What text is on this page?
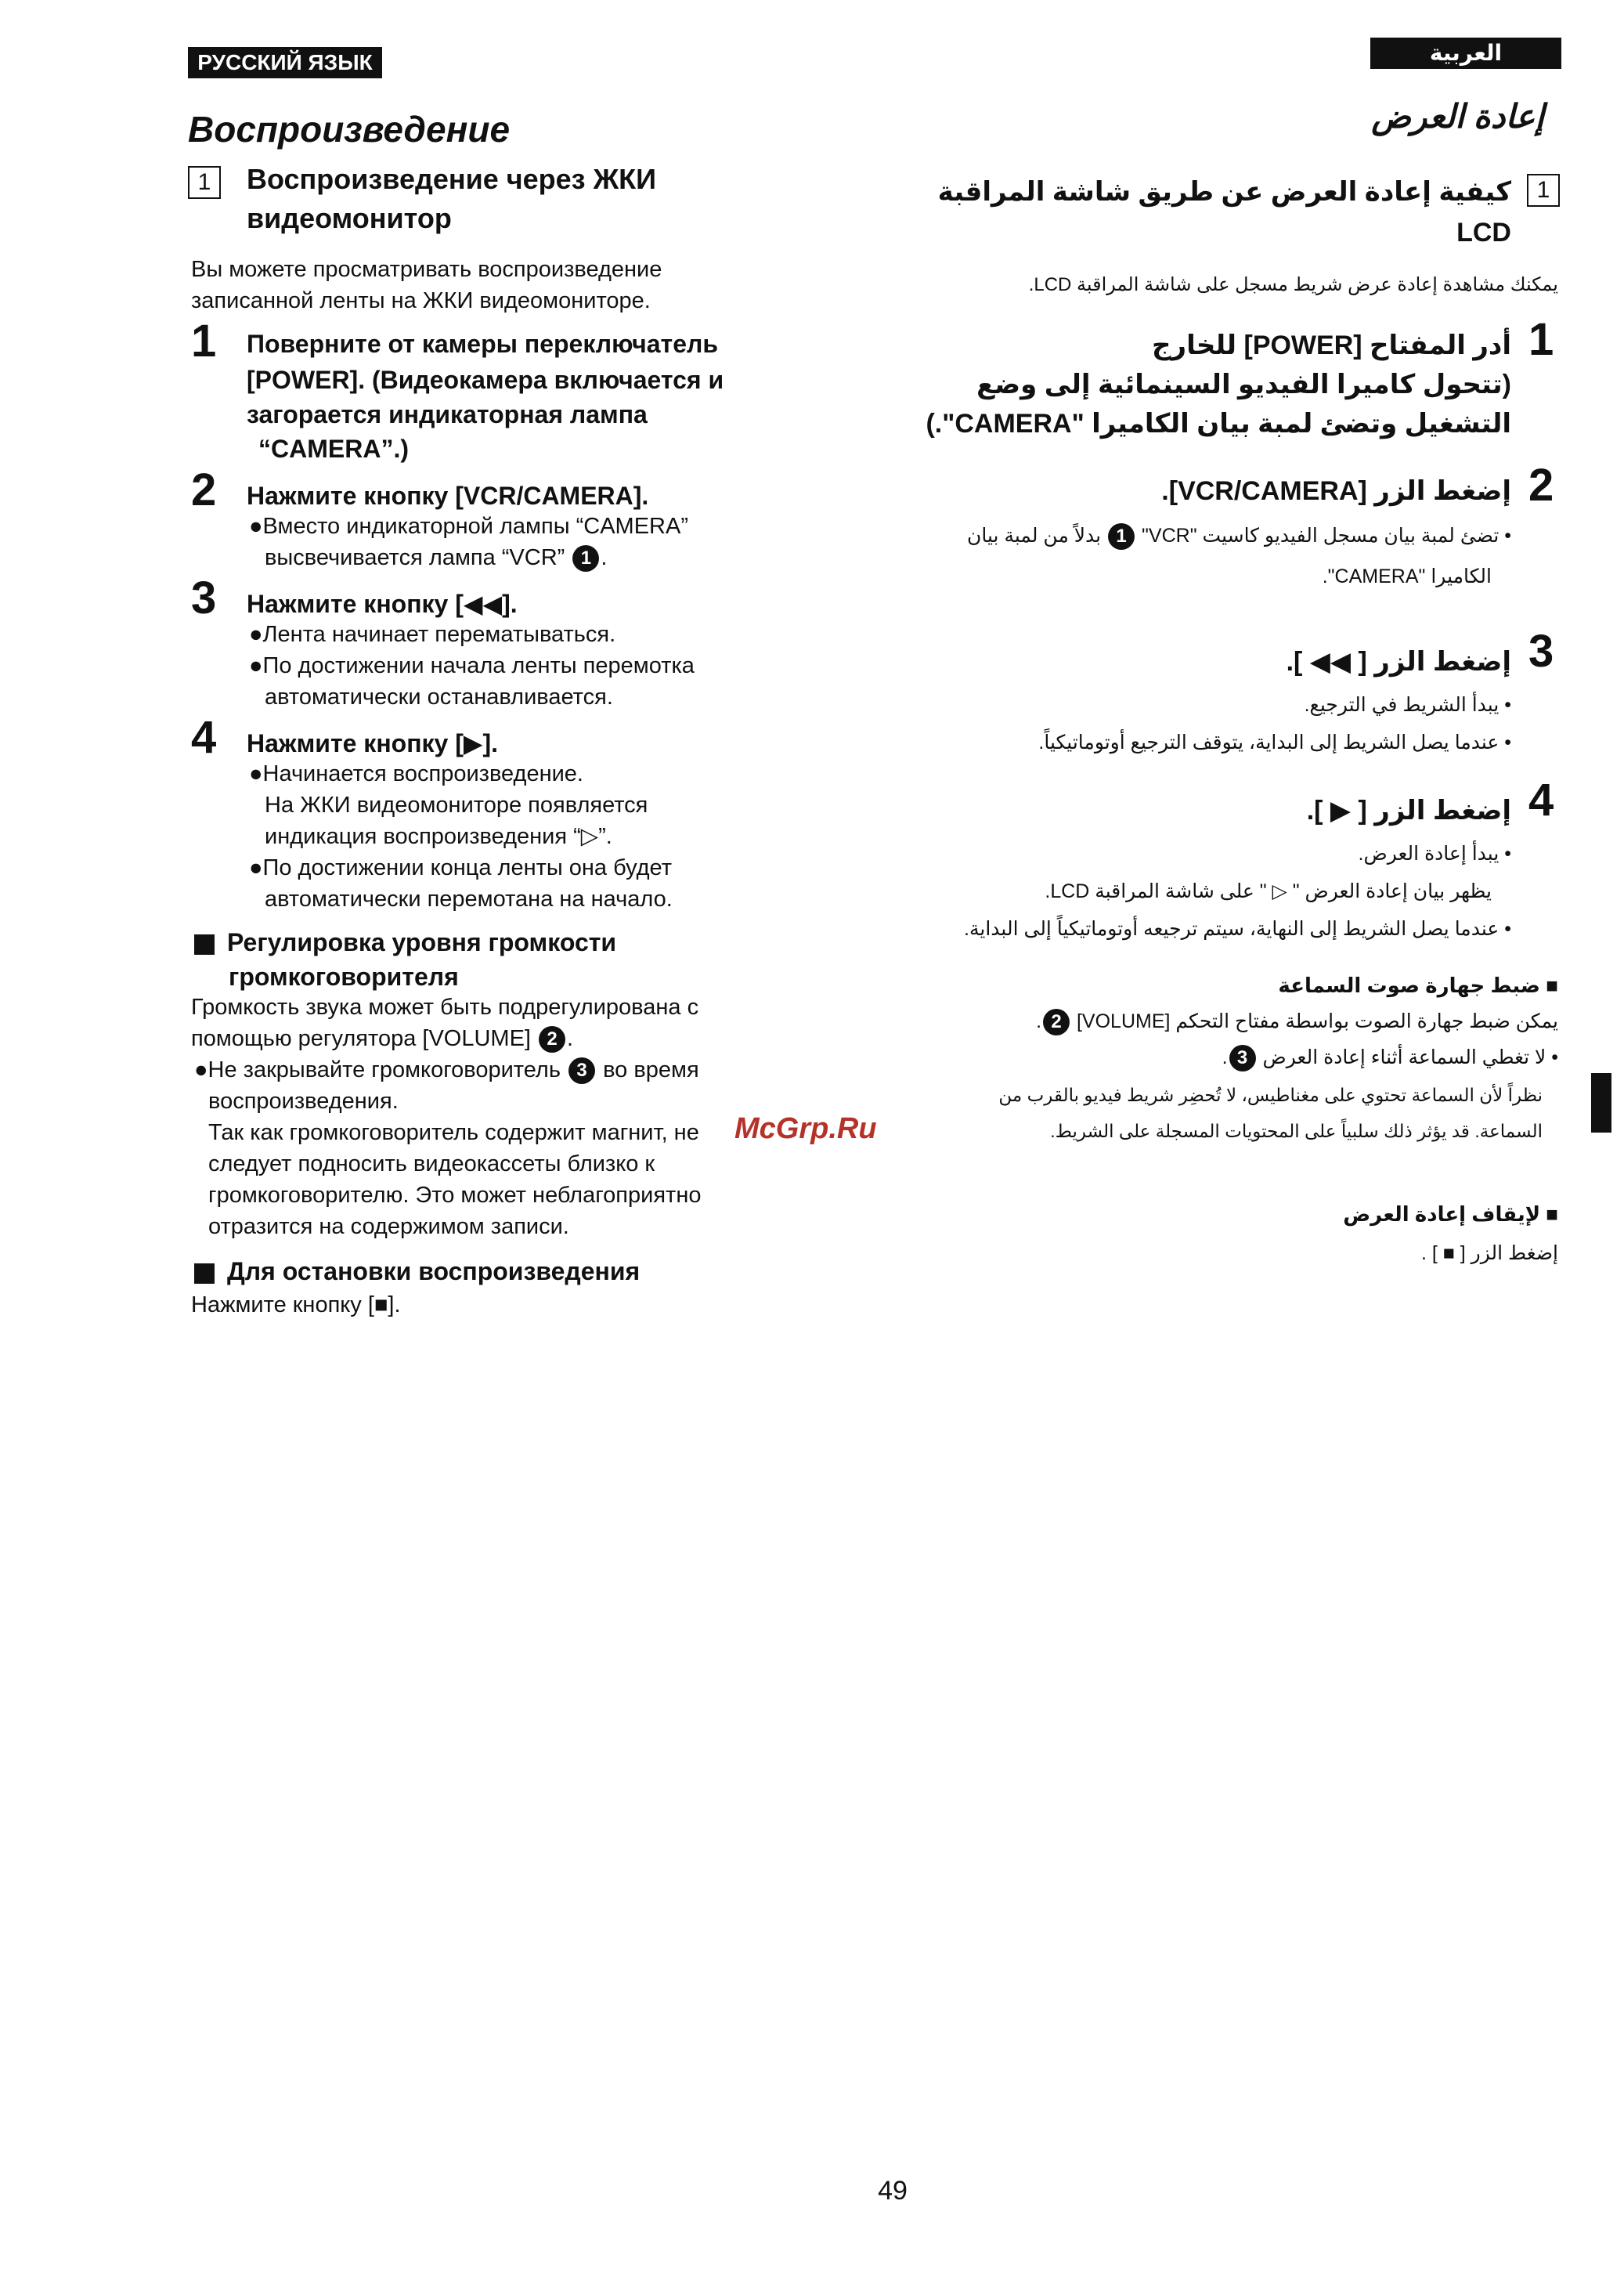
РУССКИЙ ЯЗЫК
Воспроизведение
1	Воспроизведение через ЖКИ
видеомонитор
Вы можете просматривать воспроизведение
записанной ленты на ЖКИ видеомониторе.
1 Поверните от камеры переключатель
[POWER]. (Видеокамера включается и
загорается индикаторная лампа
“CAMERA”.)
2 Нажмите кнопку [VCR/CAMERA].
●Вместо индикаторной лампы “CAMERA”
высвечивается лампа “VCR” 1 .
3 Нажмите кнопку [◀◀].
●Лента начинает перематываться.
●По достижении начала ленты перемотка
автоматически останавливается.
4 Нажмите кнопку [▶].
●Начинается воспроизведение.
На ЖКИ видеомониторе появляется
индикация воспроизведения “▷”.
●По достижении конца ленты она будет
автоматически перемотана на начало.
Регулировка уровня громкости
громкоговорителя
Громкость звука может быть подрегулирована с
помощью регулятора [VOLUME] 2 .
●Не закрывайте громкоговоритель 3 во время
воспроизведения.
Так как громкоговоритель содержит магнит, не
следует подносить видеокассеты близко к
громкоговорителю. Это может неблагоприятно
отразится на содержимом записи.
Для остановки воспроизведения
Нажмите кнопку [■].
العربية
إعادة العرض
1
كيفية إعادة العرض عن طريق شاشة المراقبة
LCD
يمكنك مشاهدة إعادة عرض شريط مسجل على شاشة المراقبة LCD.
1
أدر المفتاح [POWER] للخارج
(تتحول كاميرا الفيديو السينمائية إلى وضع
التشغيل وتضئ لمبة بيان الكاميرا "CAMERA".)
2
إضغط الزر [VCR/CAMERA].
• تضئ لمبة بيان مسجل الفيديو كاسيت "VCR" 1 بدلاً من لمبة بيان
الكاميرا "CAMERA".
3
إضغط الزر [ ◀◀ ].
• يبدأ الشريط في الترجيع.
• عندما يصل الشريط إلى البداية، يتوقف الترجيع أوتوماتيكياً.
4
إضغط الزر [ ▶ ].
• يبدأ إعادة العرض.
يظهر بيان إعادة العرض " ▷ " على شاشة المراقبة LCD.
• عندما يصل الشريط إلى النهاية، سيتم ترجيعه أوتوماتيكياً إلى البداية.
■ ضبط جهارة صوت السماعة
يمكن ضبط جهارة الصوت بواسطة مفتاح التحكم [VOLUME] 2.
• لا تغطي السماعة أثناء إعادة العرض 3.
نظراً لأن السماعة تحتوي على مغناطيس، لا تُحضِر شريط فيديو بالقرب من
السماعة. قد يؤثر ذلك سلبياً على المحتويات المسجلة على الشريط.
■ لإيقاف إعادة العرض
إضغط الزر [ ■ ] .
McGrp.Ru
49
